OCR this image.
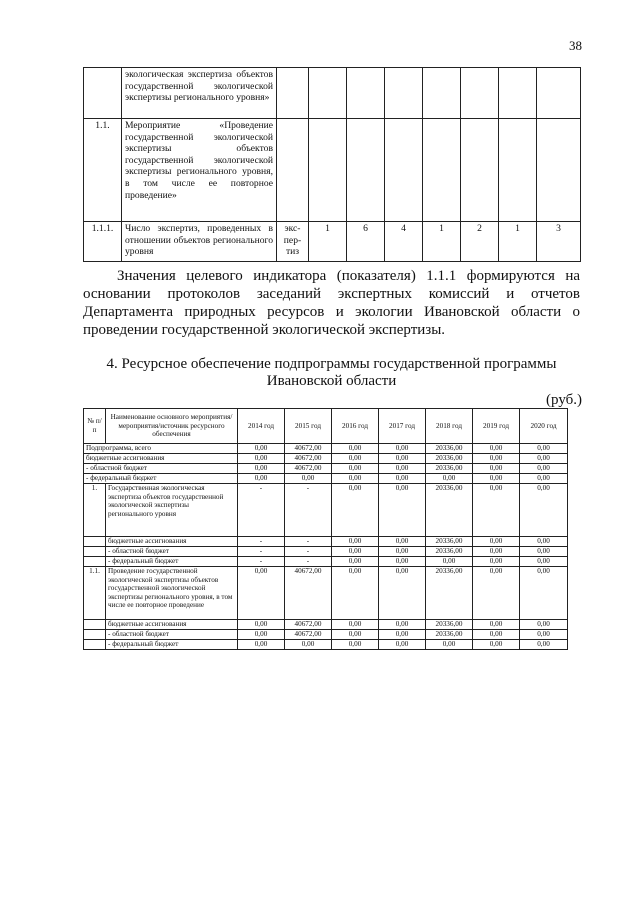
38
	экологическая экспертиза объектов государственной экологической экспертизы регионального уровня»								
1.1.	Мероприятие «Проведение государственной экологической экспертизы объектов государственной экологической экспертизы регионального уровня, в том числе ее повторное проведение»								
1.1.1.	Число экспертиз, проведенных в отношении объектов регионального уровня	экс-пер-тиз	1	6	4	1	2	1	3

Значения целевого индикатора (показателя) 1.1.1 формируются на
основании протоколов заседаний экспертных комиссий и отчетов
Департамента природных ресурсов и экологии Ивановской области о
проведении государственной экологической экспертизы.

4. Ресурсное обеспечение подпрограммы государственной программы
Ивановской области
(руб.)
№ п/п	Наименование основного мероприятия/ мероприятия/источник ресурсного обеспечения	2014 год	2015 год	2016 год	2017 год	2018 год	2019 год	2020 год
Подпрограмма, всего		0,00	40672,00	0,00	0,00	20336,00	0,00	0,00
бюджетные ассигнования		0,00	40672,00	0,00	0,00	20336,00	0,00	0,00
- областной бюджет		0,00	40672,00	0,00	0,00	20336,00	0,00	0,00
- федеральный бюджет		0,00	0,00	0,00	0,00	0,00	0,00	0,00
1.	Государственная экологическая экспертиза объектов государственной экологической экспертизы регионального уровня	-	-	0,00	0,00	20336,00	0,00	0,00
	бюджетные ассигнования	-	-	0,00	0,00	20336,00	0,00	0,00
	- областной бюджет	-	-	0,00	0,00	20336,00	0,00	0,00
	- федеральный бюджет	-	-	0,00	0,00	0,00	0,00	0,00
1.1.	Проведение государственной экологической экспертизы объектов государственной экологической экспертизы регионального уровня, в том числе ее повторное проведение	0,00	40672,00	0,00	0,00	20336,00	0,00	0,00
	бюджетные ассигнования	0,00	40672,00	0,00	0,00	20336,00	0,00	0,00
	- областной бюджет	0,00	40672,00	0,00	0,00	20336,00	0,00	0,00
	- федеральный бюджет	0,00	0,00	0,00	0,00	0,00	0,00	0,00
